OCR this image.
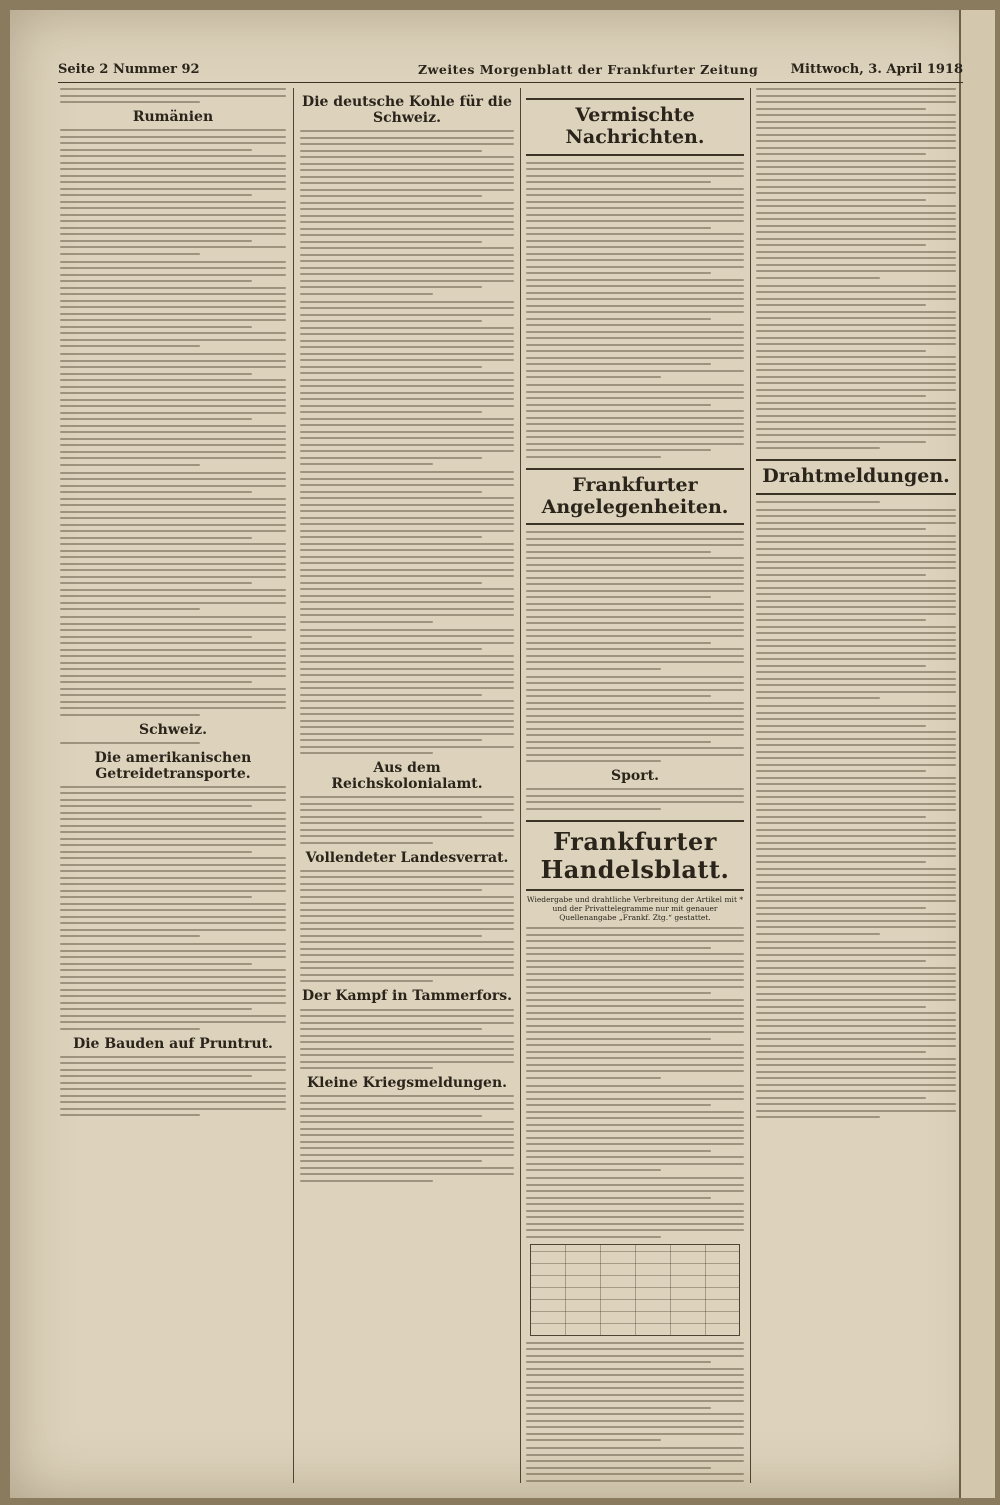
Seite 2 Nummer 92	Zweites Morgenblatt der Frankfurter Zeitung Mittwoch, 3. April 1918
Rumänien
Schweiz.
Die amerikanischen Getreidetransporte.
Die Bauden auf Pruntrut.
Die deutsche Kohle für die Schweiz.
Aus dem Reichskolonialamt.
Vollendeter Landesverrat.
Der Kampf in Tammerfors.
Kleine Kriegsmeldungen.
Vermischte Nachrichten.
Frankfurter Angelegenheiten.
Sport.
Frankfurter Handelsblatt.
Wiedergabe und drahtliche Verbreitung der Artikel mit * und der Privattelegramme nur mit genauer Quellenangabe „Frankf. Ztg.“ gestattet.
Drahtmeldungen.
